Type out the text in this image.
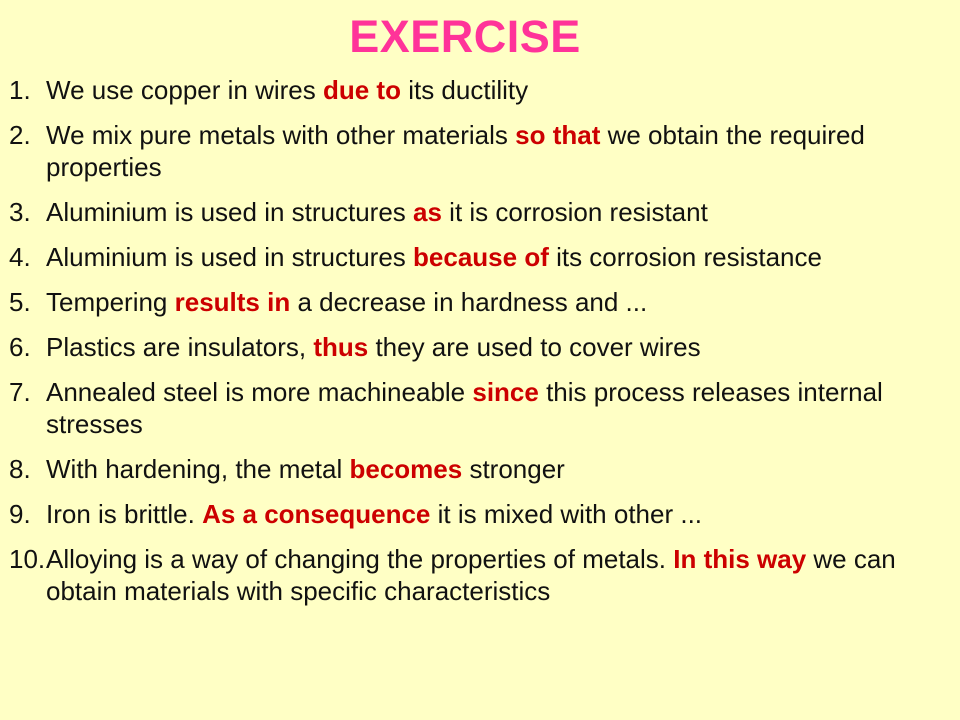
EXERCISE
1. We use copper in wires due to its ductility
2. We mix pure metals with other materials so that we obtain the required properties
3. Aluminium is used in structures as it is corrosion resistant
4. Aluminium is used in structures because of its corrosion resistance
5. Tempering results in a decrease in hardness and ...
6. Plastics are insulators, thus they are used to cover wires
7. Annealed steel is more machineable since this process releases internal stresses
8. With hardening, the metal becomes stronger
9. Iron is brittle. As a consequence it is mixed with other ...
10. Alloying is a way of changing the properties of metals. In this way we can obtain materials with specific characteristics
